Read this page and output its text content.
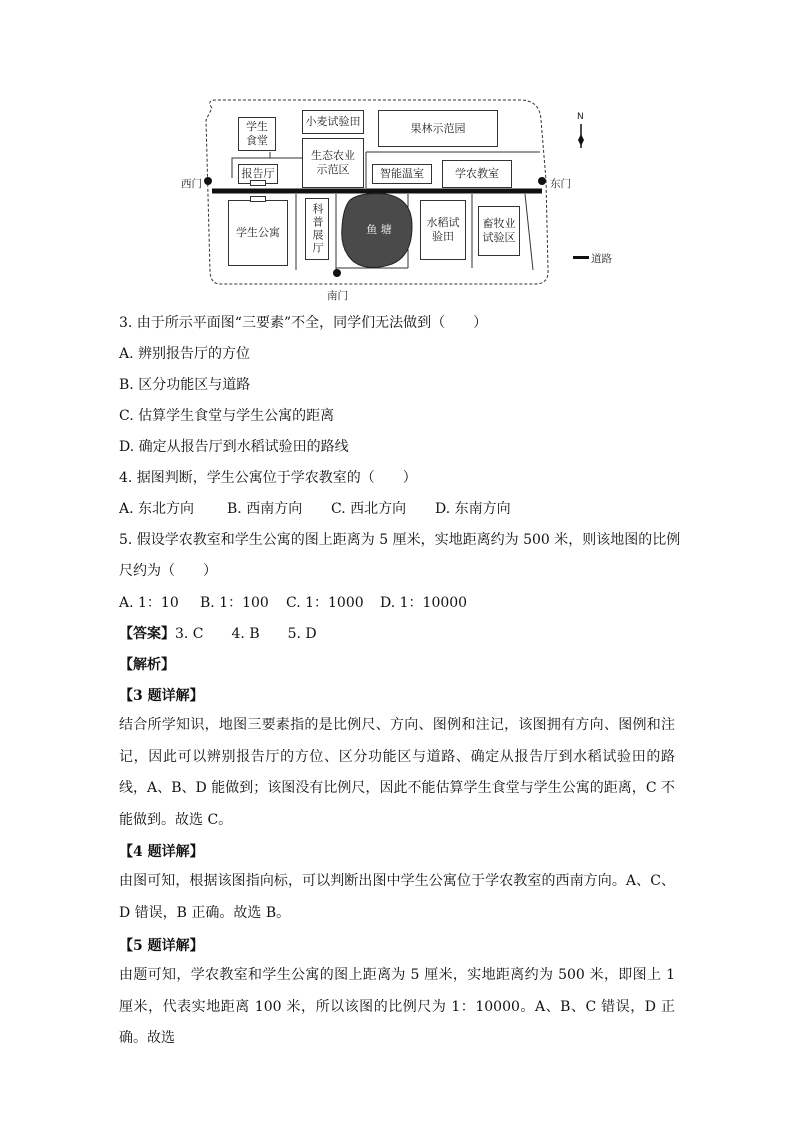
学生食堂
小麦试验田	果林示范园
报告厅
生态农业示范区	智能温室	学农教室
学生公寓	科普展厅	鱼 塘
水稻试验田
畜牧业试验区
西门	东门
南门
N
道路
3. 由于所示平面图“三要素”不全，同学们无法做到（　　）
A. 辨别报告厅的方位
B. 区分功能区与道路
C. 估算学生食堂与学生公寓的距离
D. 确定从报告厅到水稻试验田的路线
4. 据图判断，学生公寓位于学农教室的（　　）
A. 东北方向 B. 西南方向 C. 西北方向 D. 东南方向
5. 假设学农教室和学生公寓的图上距离为 5 厘米，实地距离约为 500 米，则该地图的比例
尺约为（　　）
A. 1：10 B. 1：100 C. 1：1000 D. 1：10000
【答案】3. C　　4. B　　5. D
【解析】
【3 题详解】
结合所学知识，地图三要素指的是比例尺、方向、图例和注记，该图拥有方向、图例和注记，因此可以辨别报告厅的方位、区分功能区与道路、确定从报告厅到水稻试验田的路线，A、B、D 能做到；该图没有比例尺，因此不能估算学生食堂与学生公寓的距离，C 不能做到。故选 C。
【4 题详解】
由图可知，根据该图指向标，可以判断出图中学生公寓位于学农教室的西南方向。A、C、D 错误，B 正确。故选 B。
【5 题详解】
由题可知，学农教室和学生公寓的图上距离为 5 厘米，实地距离约为 500 米，即图上 1 厘米，代表实地距离 100 米，所以该图的比例尺为 1：10000。A、B、C 错误，D 正确。故选
